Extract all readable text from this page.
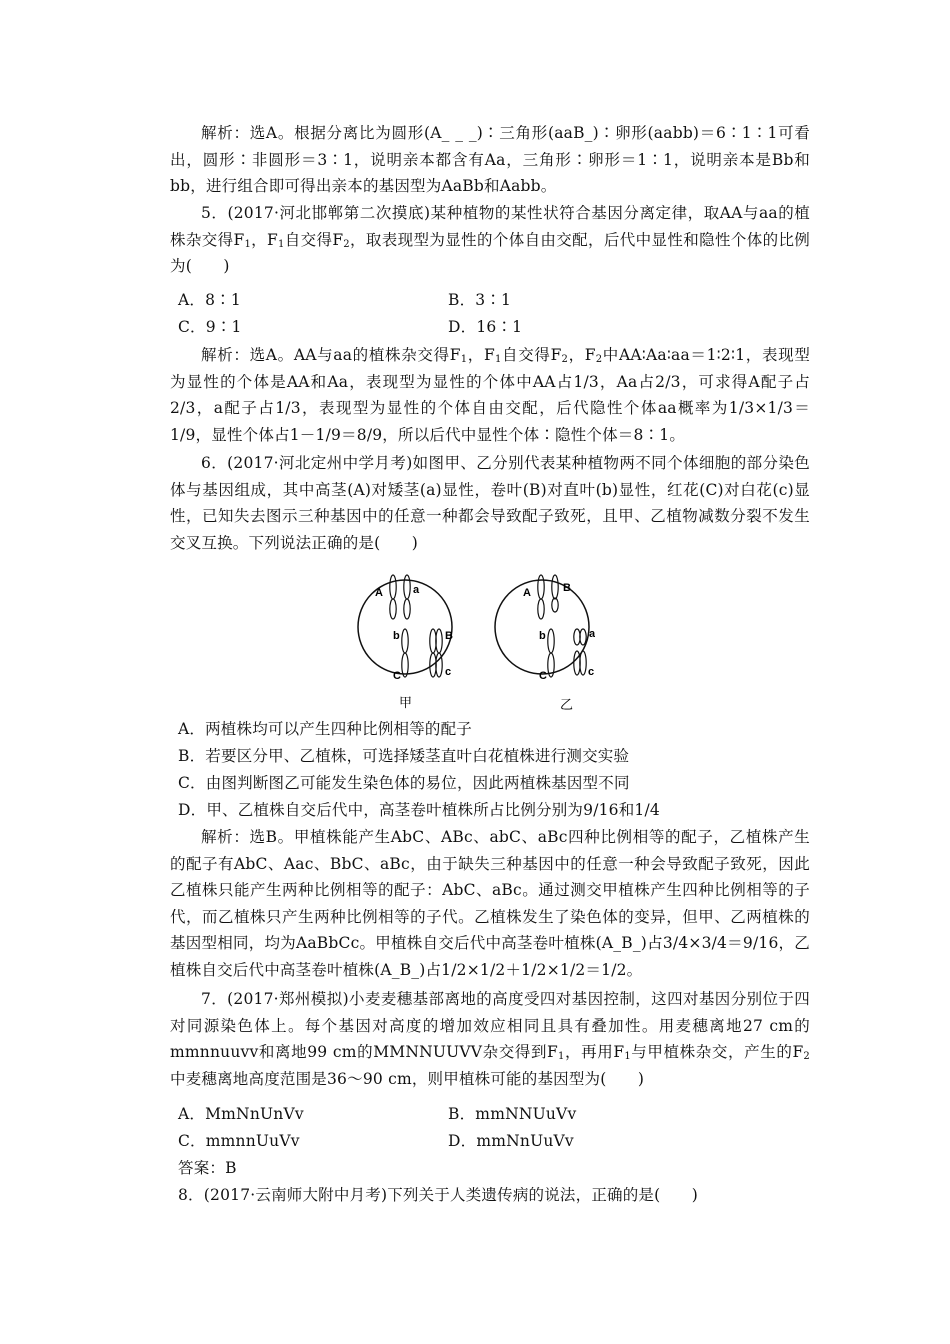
解析：选A。根据分离比为圆形(A_ _ _)∶三角形(aaB_)∶卵形(aabb)＝6∶1∶1可看出，圆形∶非圆形＝3∶1，说明亲本都含有Aa，三角形∶卵形＝1∶1，说明亲本是Bb和bb，进行组合即可得出亲本的基因型为AaBb和Aabb。

5．(2017·河北邯郸第二次摸底)某种植物的某性状符合基因分离定律，取AA与aa的植株杂交得$F_1$，$F_1$自交得$F_2$，取表现型为显性的个体自由交配，后代中显性和隐性个体的比例为(　　)

A．8∶1	B．3∶1
C．9∶1	D．16∶1

解析：选A。AA与aa的植株杂交得$F_1$，$F_1$自交得$F_2$，$F_2$中AA∶Aa∶aa＝1∶2∶1，表现型为显性的个体是AA和Aa，表现型为显性的个体中AA占1/3，Aa占2/3，可求得A配子占2/3，a配子占1/3，表现型为显性的个体自由交配，后代隐性个体aa概率为1/3×1/3＝1/9，显性个体占1－1/9＝8/9，所以后代中显性个体∶隐性个体＝8∶1。

6．(2017·河北定州中学月考)如图甲、乙分别代表某种植物两不同个体细胞的部分染色体与基因组成，其中高茎(A)对矮茎(a)显性，卷叶(B)对直叶(b)显性，红花(C)对白花(c)显性，已知失去图示三种基因中的任意一种都会导致配子致死，且甲、乙植物减数分裂不发生交叉互换。下列说法正确的是(　　)

A	a
b	B
C	c
甲
A	B
b	a
C	c
乙
A．两植株均可以产生四种比例相等的配子
B．若要区分甲、乙植株，可选择矮茎直叶白花植株进行测交实验
C．由图判断图乙可能发生染色体的易位，因此两植株基因型不同
D．甲、乙植株自交后代中，高茎卷叶植株所占比例分别为9/16和1/4

解析：选B。甲植株能产生AbC、ABc、abC、aBc四种比例相等的配子，乙植株产生的配子有AbC、Aac、BbC、aBc，由于缺失三种基因中的任意一种会导致配子致死，因此乙植株只能产生两种比例相等的配子：AbC、aBc。通过测交甲植株产生四种比例相等的子代，而乙植株只产生两种比例相等的子代。乙植株发生了染色体的变异，但甲、乙两植株的基因型相同，均为AaBbCc。甲植株自交后代中高茎卷叶植株(A_B_)占3/4×3/4＝9/16，乙植株自交后代中高茎卷叶植株(A_B_)占1/2×1/2＋1/2×1/2＝1/2。

7．(2017·郑州模拟)小麦麦穗基部离地的高度受四对基因控制，这四对基因分别位于四对同源染色体上。每个基因对高度的增加效应相同且具有叠加性。用麦穗离地27 cm的mmnnuuvv和离地99 cm的MMNNUUVV杂交得到$F_1$，再用$F_1$与甲植株杂交，产生的$F_2$中麦穗离地高度范围是36～90 cm，则甲植株可能的基因型为(　　)

A．MmNnUnVv	B．mmNNUuVv
C．mmnnUuVv	D．mmNnUuVv
答案：B
8．(2017·云南师大附中月考)下列关于人类遗传病的说法，正确的是(　　)
